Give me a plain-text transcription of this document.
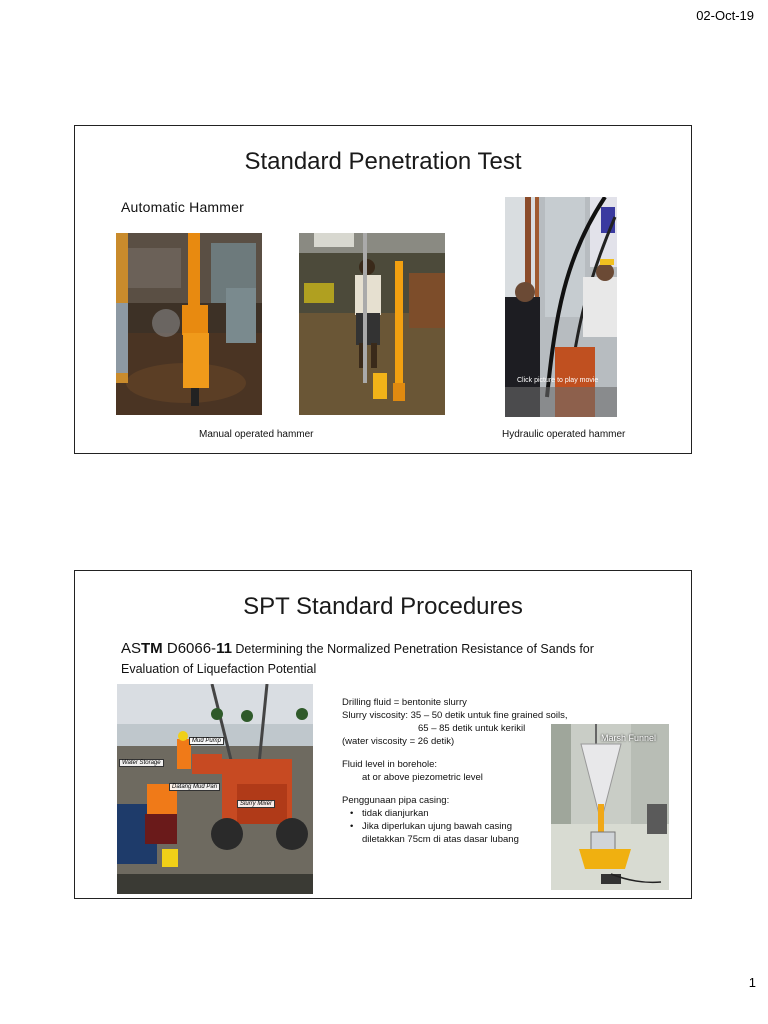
02-Oct-19
Standard Penetration Test
Automatic Hammer
Click picture to play movie
Manual operated hammer	Hydraulic operated hammer
SPT Standard Procedures
ASTM D6066-11 Determining the Normalized Penetration Resistance of Sands for Evaluation of Liquefaction Potential
Mud Pump
Water Storage
Datang Mud Pan
Slurry Mixer

Drilling fluid = bentonite slurry

Slurry viscosity: 35 – 50 detik untuk fine grained soils,

65 – 85 detik untuk kerikil

(water viscosity = 26 detik)

Fluid level in borehole:

at or above piezometric level

Penggunaan pipa casing:

• tidak dianjurkan
• Jika diperlukan ujung bawah casing

diletakkan 75cm di atas dasar lubang

Marsh Funnel
1
